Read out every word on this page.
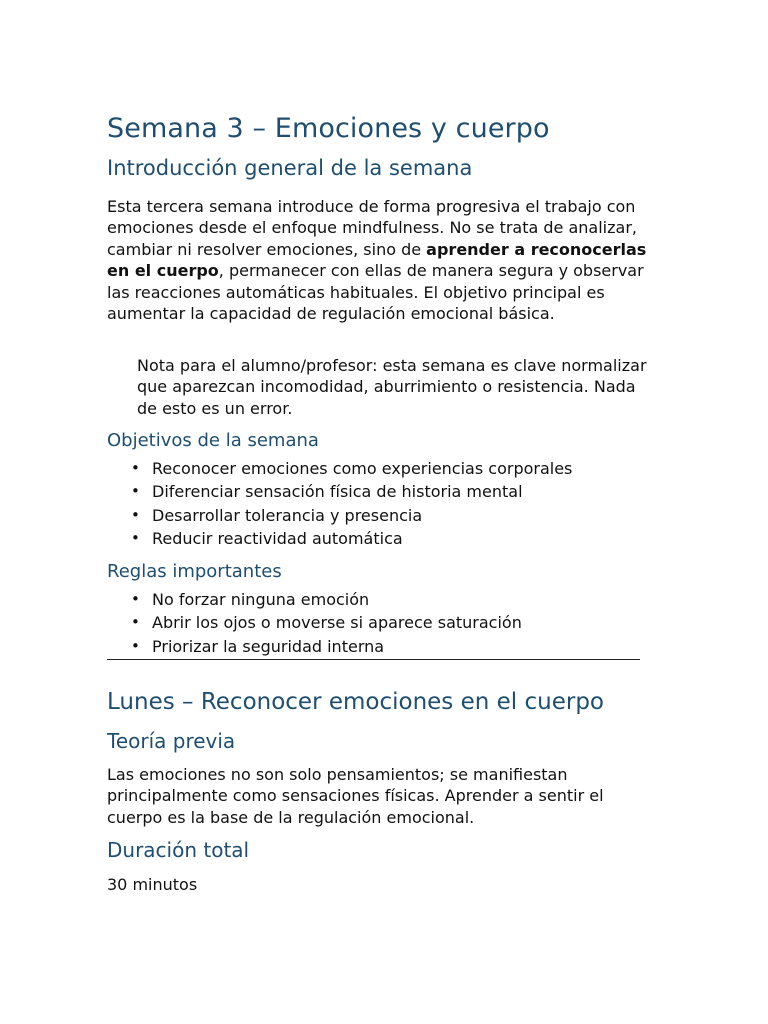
Semana 3 – Emociones y cuerpo
Introducción general de la semana

Esta tercera semana introduce de forma progresiva el trabajo con emociones desde el enfoque mindfulness. No se trata de analizar, cambiar ni resolver emociones, sino de aprender a reconocerlas en el cuerpo, permanecer con ellas de manera segura y observar las reacciones automáticas habituales. El objetivo principal es aumentar la capacidad de regulación emocional básica.

Nota para el alumno/profesor: esta semana es clave normalizar que aparezcan incomodidad, aburrimiento o resistencia. Nada de esto es un error.

Objetivos de la semana
• Reconocer emociones como experiencias corporales
• Diferenciar sensación física de historia mental
• Desarrollar tolerancia y presencia
• Reducir reactividad automática
Reglas importantes
• No forzar ninguna emoción
• Abrir los ojos o moverse si aparece saturación
• Priorizar la seguridad interna
Lunes – Reconocer emociones en el cuerpo
Teoría previa

Las emociones no son solo pensamientos; se manifiestan principalmente como sensaciones físicas. Aprender a sentir el cuerpo es la base de la regulación emocional.

Duración total

30 minutos
